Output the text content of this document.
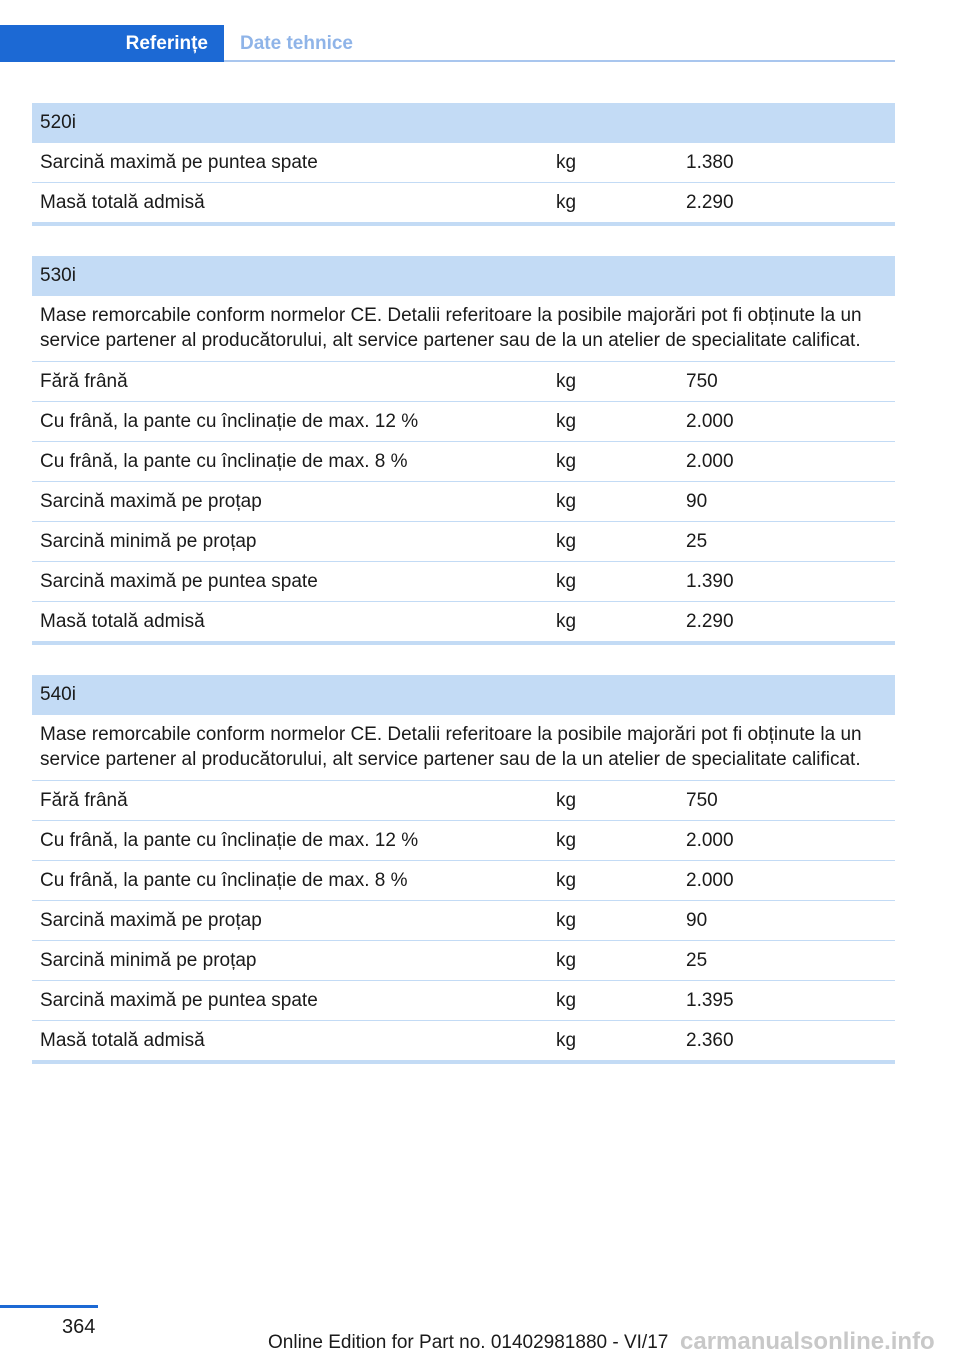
Referințe	Date tehnice
520i
Sarcină maximă pe puntea spate	kg	1.380
Masă totală admisă	kg	2.290
530i
Mase remorcabile conform normelor CE. Detalii referitoare la posibile majorări pot fi obținute la un service partener al producătorului, alt service partener sau de la un atelier de specialitate calificat.
Fără frână	kg	750
Cu frână, la pante cu înclinație de max. 12 %	kg	2.000
Cu frână, la pante cu înclinație de max. 8 %	kg	2.000
Sarcină maximă pe proțap	kg	90
Sarcină minimă pe proțap	kg	25
Sarcină maximă pe puntea spate	kg	1.390
Masă totală admisă	kg	2.290
540i
Mase remorcabile conform normelor CE. Detalii referitoare la posibile majorări pot fi obținute la un service partener al producătorului, alt service partener sau de la un atelier de specialitate calificat.
Fără frână	kg	750
Cu frână, la pante cu înclinație de max. 12 %	kg	2.000
Cu frână, la pante cu înclinație de max. 8 %	kg	2.000
Sarcină maximă pe proțap	kg	90
Sarcină minimă pe proțap	kg	25
Sarcină maximă pe puntea spate	kg	1.395
Masă totală admisă	kg	2.360
364
Online Edition for Part no. 01402981880 - VI/17 carmanualsonline.info
